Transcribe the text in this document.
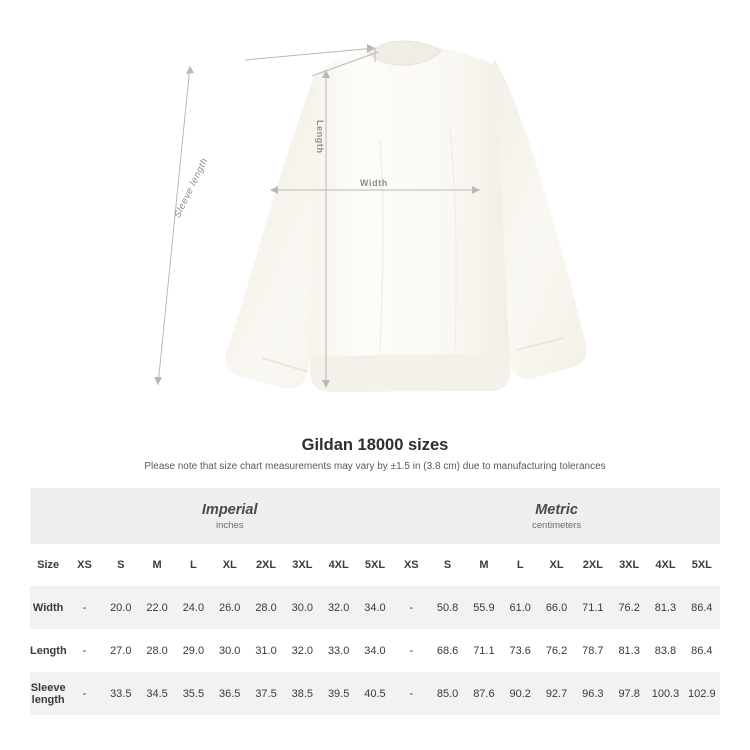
Width
Length
Sleeve length
Gildan 18000 sizes

Please note that size chart measurements may vary by ±1.5 in (3.8 cm) due to manufacturing tolerances

Imperial
inches

Metric
centimeters

Size	XS	S	M	L	XL	2XL	3XL	4XL	5XL	XS	S	M	L	XL	2XL	3XL	4XL	5XL
Width	-	20.0	22.0	24.0	26.0	28.0	30.0	32.0	34.0	-	50.8	55.9	61.0	66.0	71.1	76.2	81.3	86.4
Length	-	27.0	28.0	29.0	30.0	31.0	32.0	33.0	34.0	-	68.6	71.1	73.6	76.2	78.7	81.3	83.8	86.4
Sleeve length	-	33.5	34.5	35.5	36.5	37.5	38.5	39.5	40.5	-	85.0	87.6	90.2	92.7	96.3	97.8	100.3	102.9
